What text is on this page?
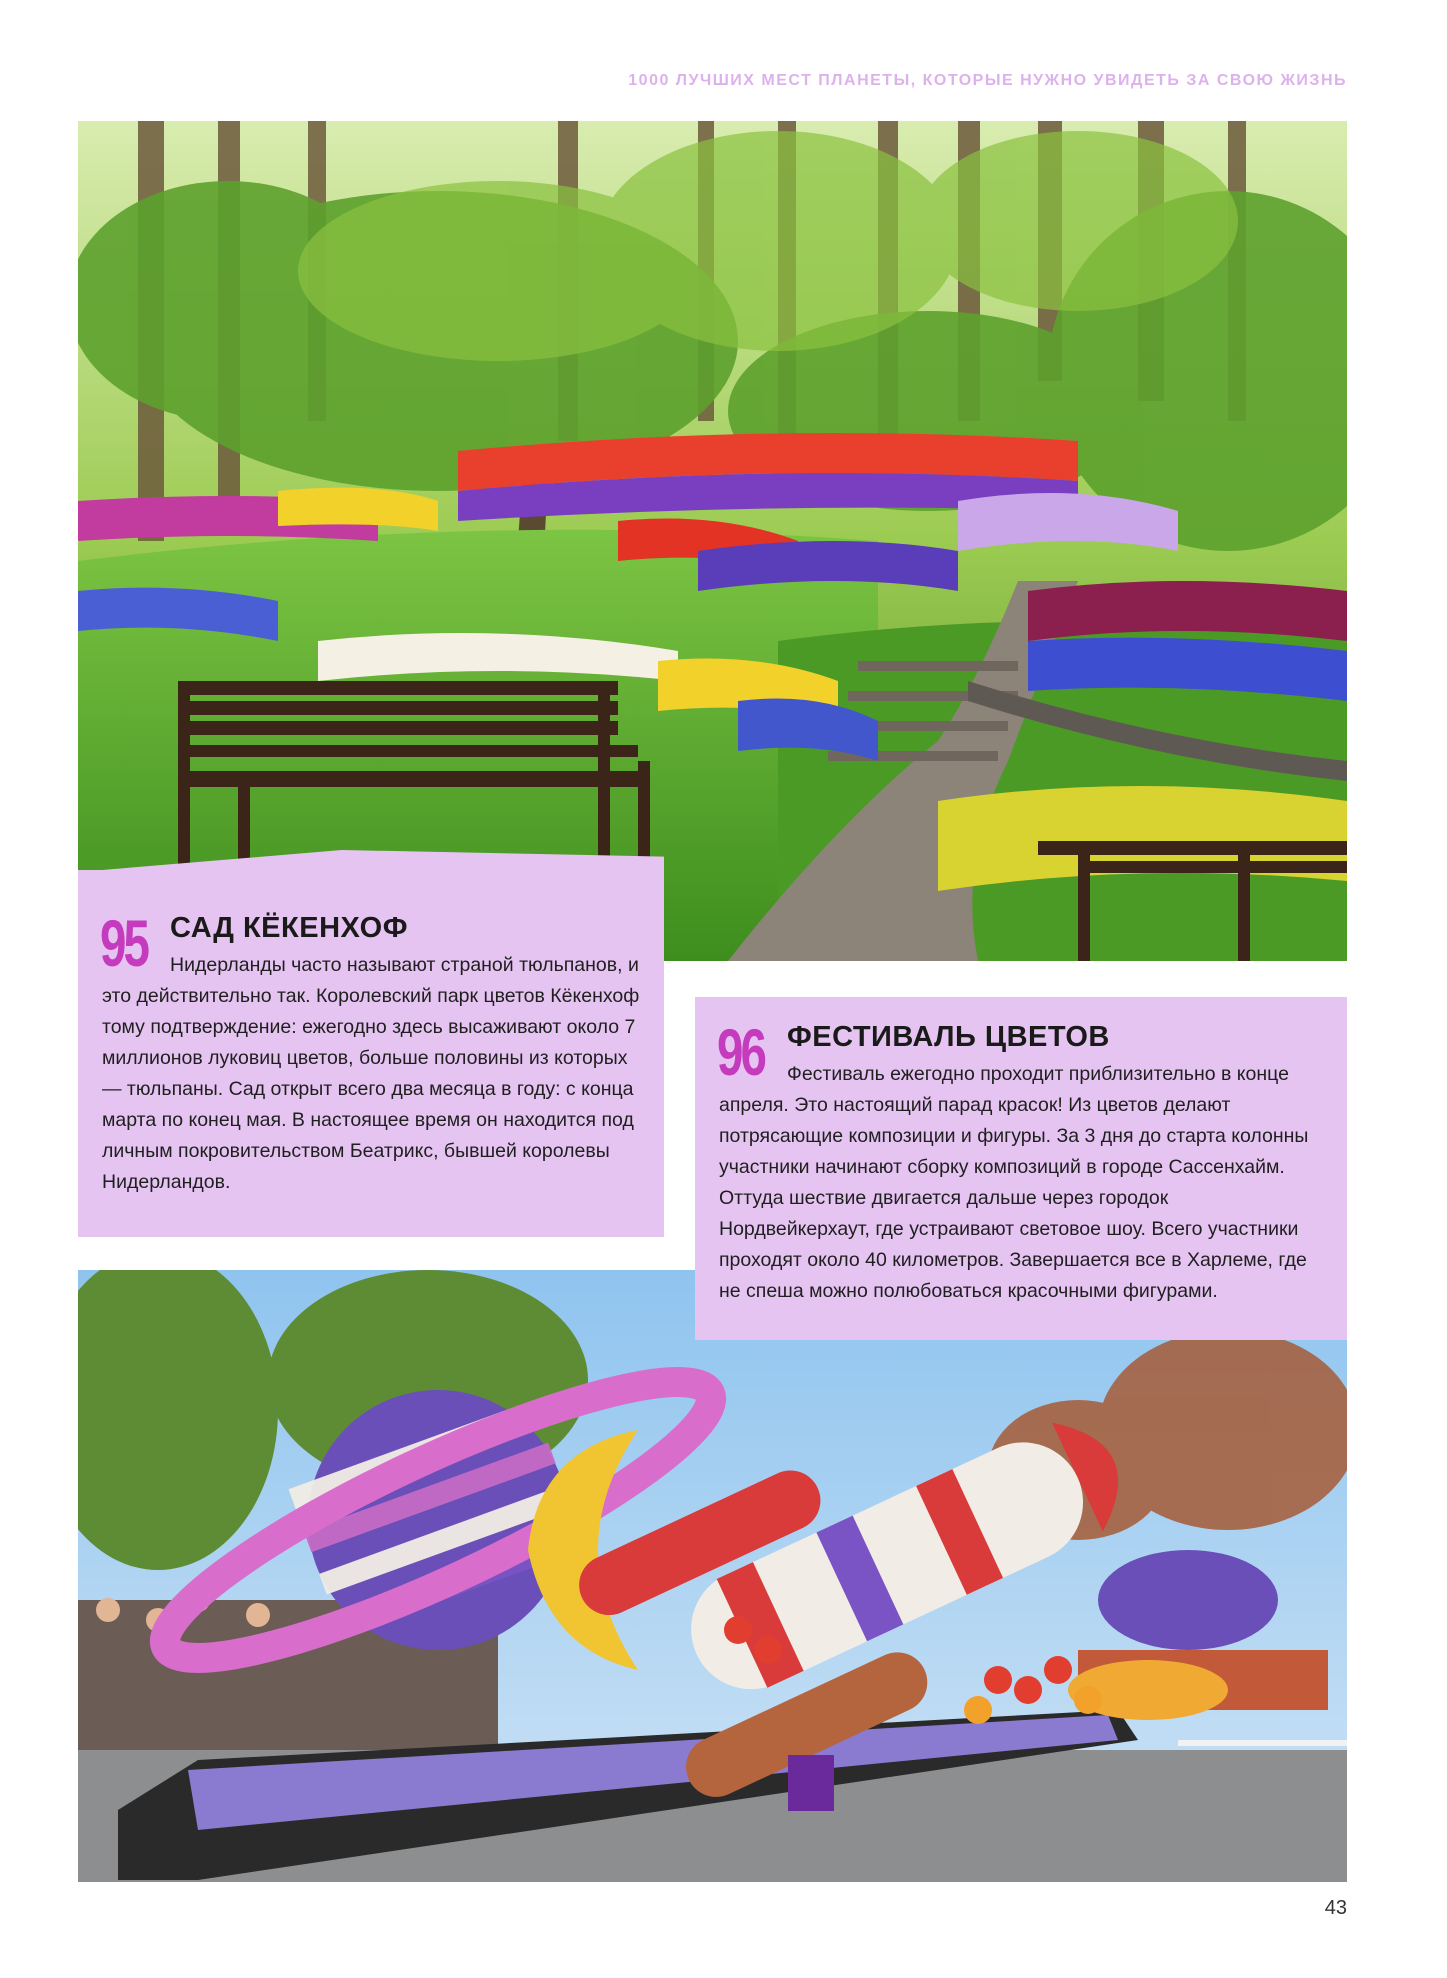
1000 ЛУЧШИХ МЕСТ ПЛАНЕТЫ, КОТОРЫЕ НУЖНО УВИДЕТЬ ЗА СВОЮ ЖИЗНЬ
95 САД КЁКЕНХОФ

Нидерланды часто называют страной тюльпанов, и это действительно так. Королевский парк цветов Кёкенхоф тому подтверждение: ежегодно здесь высаживают около 7 миллионов луковиц цветов, больше половины из которых — тюльпаны. Сад открыт всего два месяца в году: с конца марта по конец мая. В настоящее время он находится под личным покровительством Беатрикс, бывшей королевы Нидерландов.

96 ФЕСТИВАЛЬ ЦВЕТОВ

Фестиваль ежегодно проходит приблизительно в конце апреля. Это настоящий парад красок! Из цветов делают потрясающие композиции и фигуры. За 3 дня до старта колонны участники начинают сборку композиций в городе Сассенхайм. Оттуда шествие двигается дальше через городок Нордвейкерхаут, где устраивают световое шоу. Всего участники проходят около 40 километров. Завершается все в Харлеме, где не спеша можно полюбоваться красочными фигурами.

43
